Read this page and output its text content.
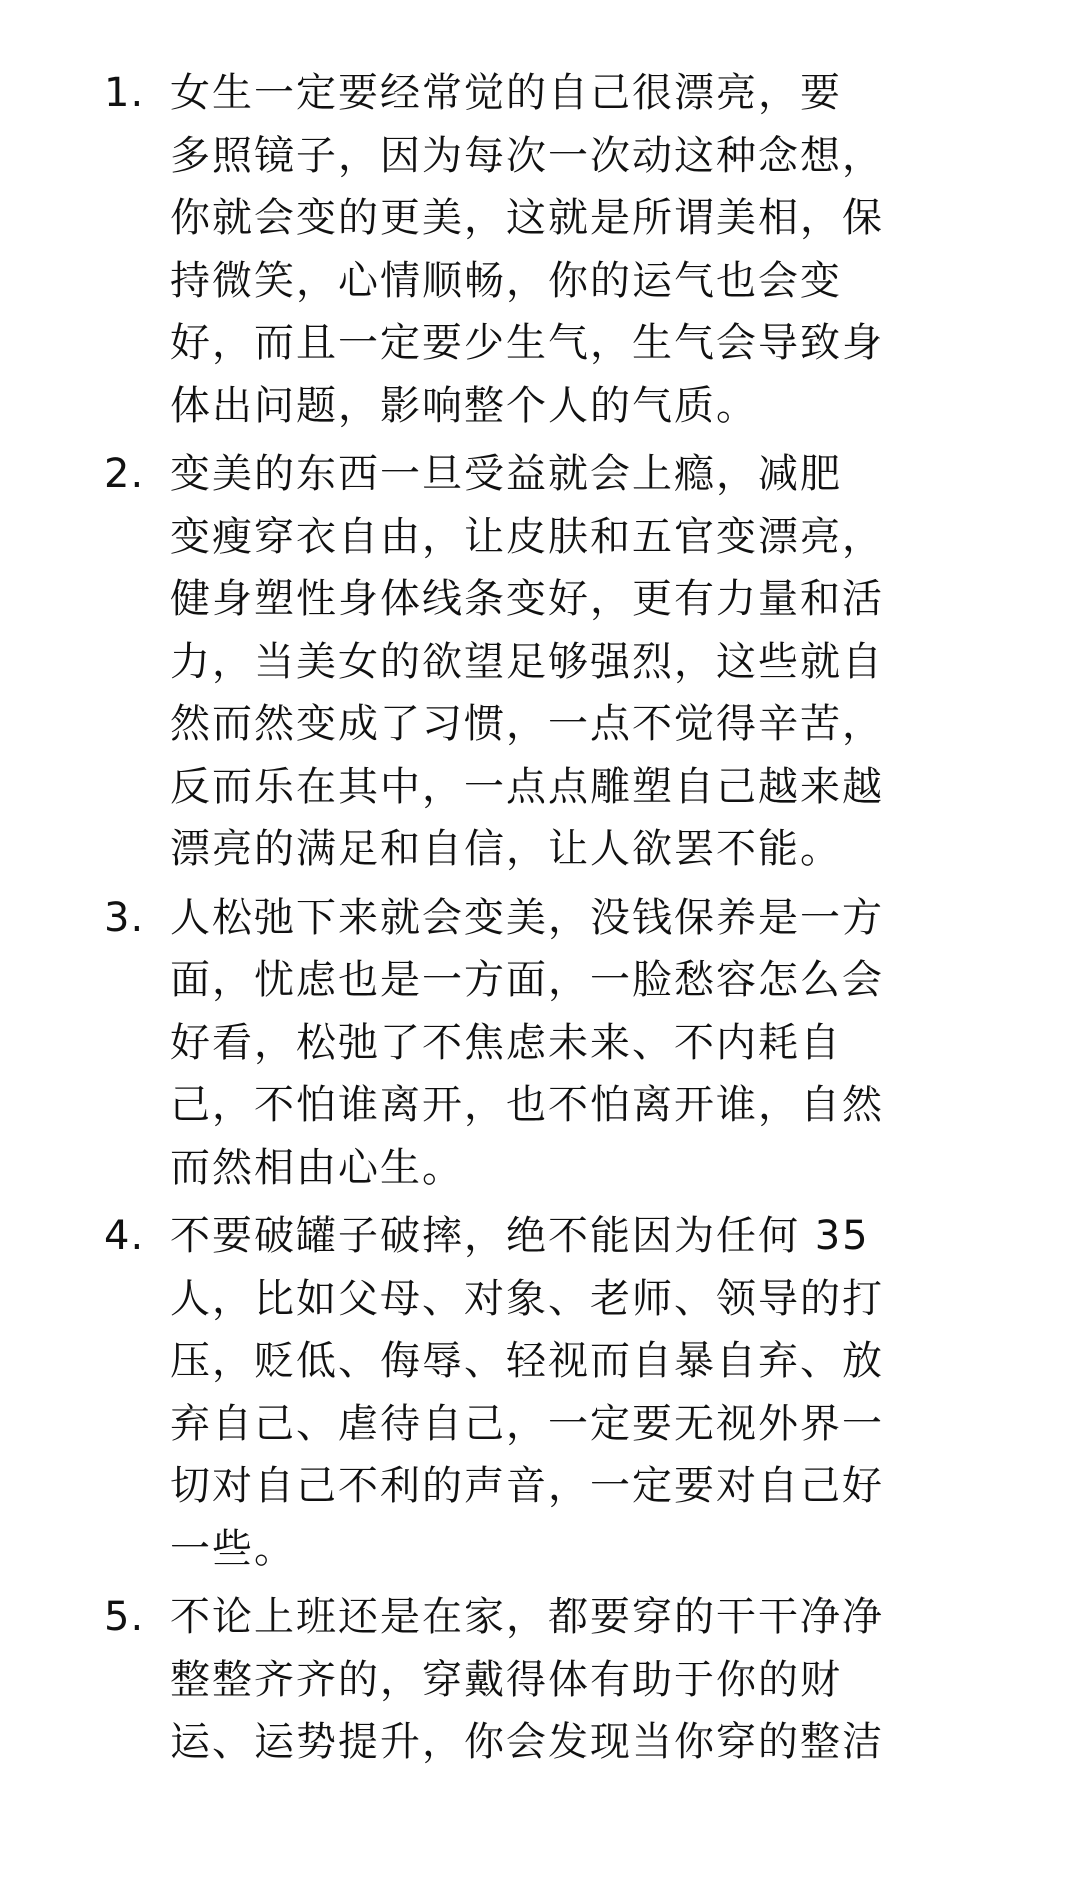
1. 女生一定要经常觉的自己很漂亮，要
多照镜子，因为每次一次动这种念想，
你就会变的更美，这就是所谓美相，保
持微笑，心情顺畅，你的运气也会变
好，而且一定要少生气，生气会导致身
体出问题，影响整个人的气质。
2. 变美的东西一旦受益就会上瘾，减肥
变瘦穿衣自由，让皮肤和五官变漂亮，
健身塑性身体线条变好，更有力量和活
力，当美女的欲望足够强烈，这些就自
然而然变成了习惯，一点不觉得辛苦，
反而乐在其中，一点点雕塑自己越来越
漂亮的满足和自信，让人欲罢不能。
3. 人松弛下来就会变美，没钱保养是一方
面，忧虑也是一方面，一脸愁容怎么会
好看，松弛了不焦虑未来、不内耗自
己，不怕谁离开，也不怕离开谁，自然
而然相由心生。
4. 不要破罐子破摔，绝不能因为任何 35
人，比如父母、对象、老师、领导的打
压，贬低、侮辱、轻视而自暴自弃、放
弃自己、虐待自己，一定要无视外界一
切对自己不利的声音，一定要对自己好
一些。
5. 不论上班还是在家，都要穿的干干净净
整整齐齐的，穿戴得体有助于你的财
运、运势提升，你会发现当你穿的整洁
